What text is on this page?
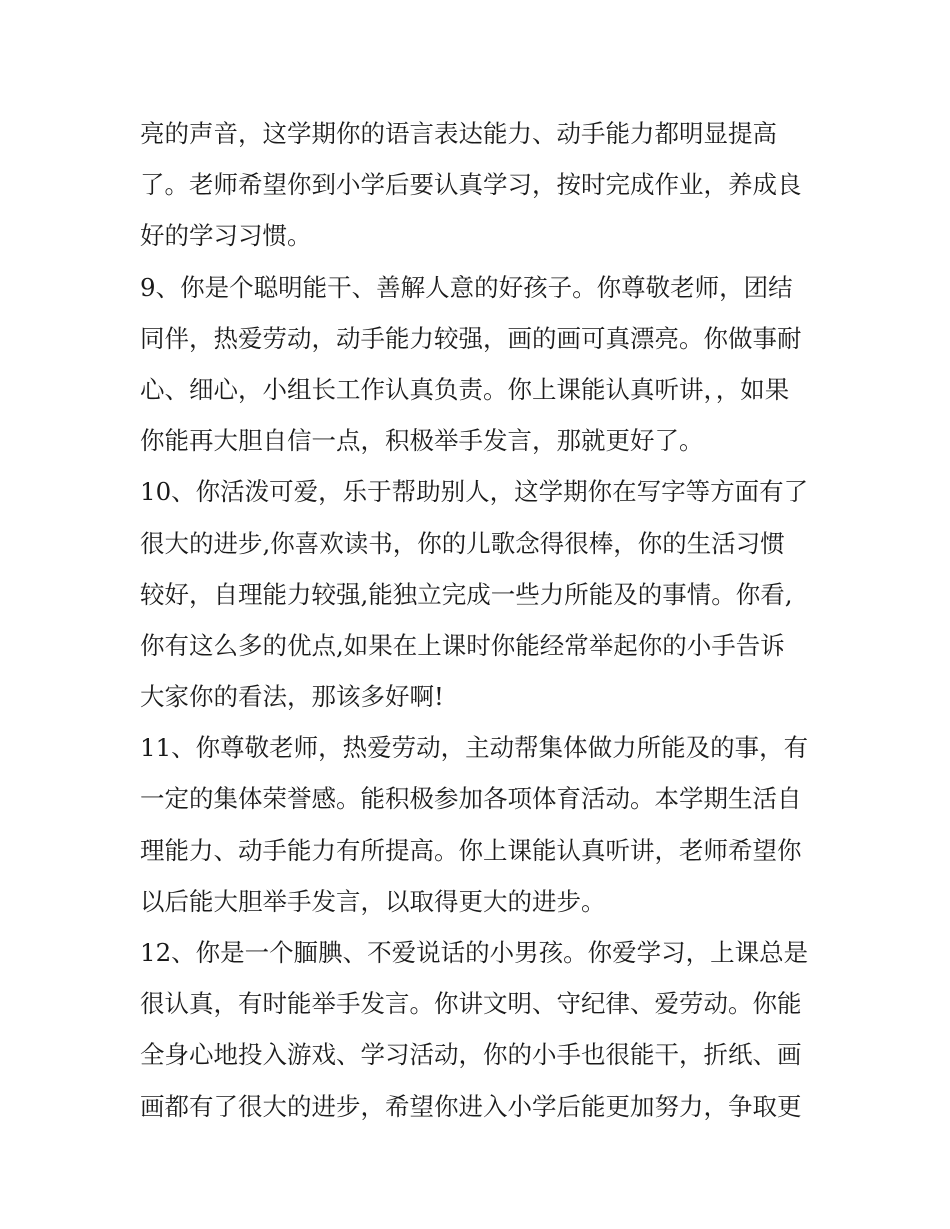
亮的声音，这学期你的语言表达能力、动手能力都明显提高
了。老师希望你到小学后要认真学习，按时完成作业，养成良
好的学习习惯。
9、你是个聪明能干、善解人意的好孩子。你尊敬老师，团结
同伴，热爱劳动，动手能力较强，画的画可真漂亮。你做事耐
心、细心，小组长工作认真负责。你上课能认真听讲，，如果
你能再大胆自信一点，积极举手发言，那就更好了。
10、你活泼可爱，乐于帮助别人，这学期你在写字等方面有了
很大的进步,你喜欢读书，你的儿歌念得很棒，你的生活习惯
较好，自理能力较强,能独立完成一些力所能及的事情。你看,
你有这么多的优点,如果在上课时你能经常举起你的小手告诉
大家你的看法，那该多好啊!
11、你尊敬老师，热爱劳动，主动帮集体做力所能及的事，有
一定的集体荣誉感。能积极参加各项体育活动。本学期生活自
理能力、动手能力有所提高。你上课能认真听讲，老师希望你
以后能大胆举手发言，以取得更大的进步。
12、你是一个腼腆、不爱说话的小男孩。你爱学习，上课总是
很认真，有时能举手发言。你讲文明、守纪律、爱劳动。你能
全身心地投入游戏、学习活动，你的小手也很能干，折纸、画
画都有了很大的进步，希望你进入小学后能更加努力，争取更
